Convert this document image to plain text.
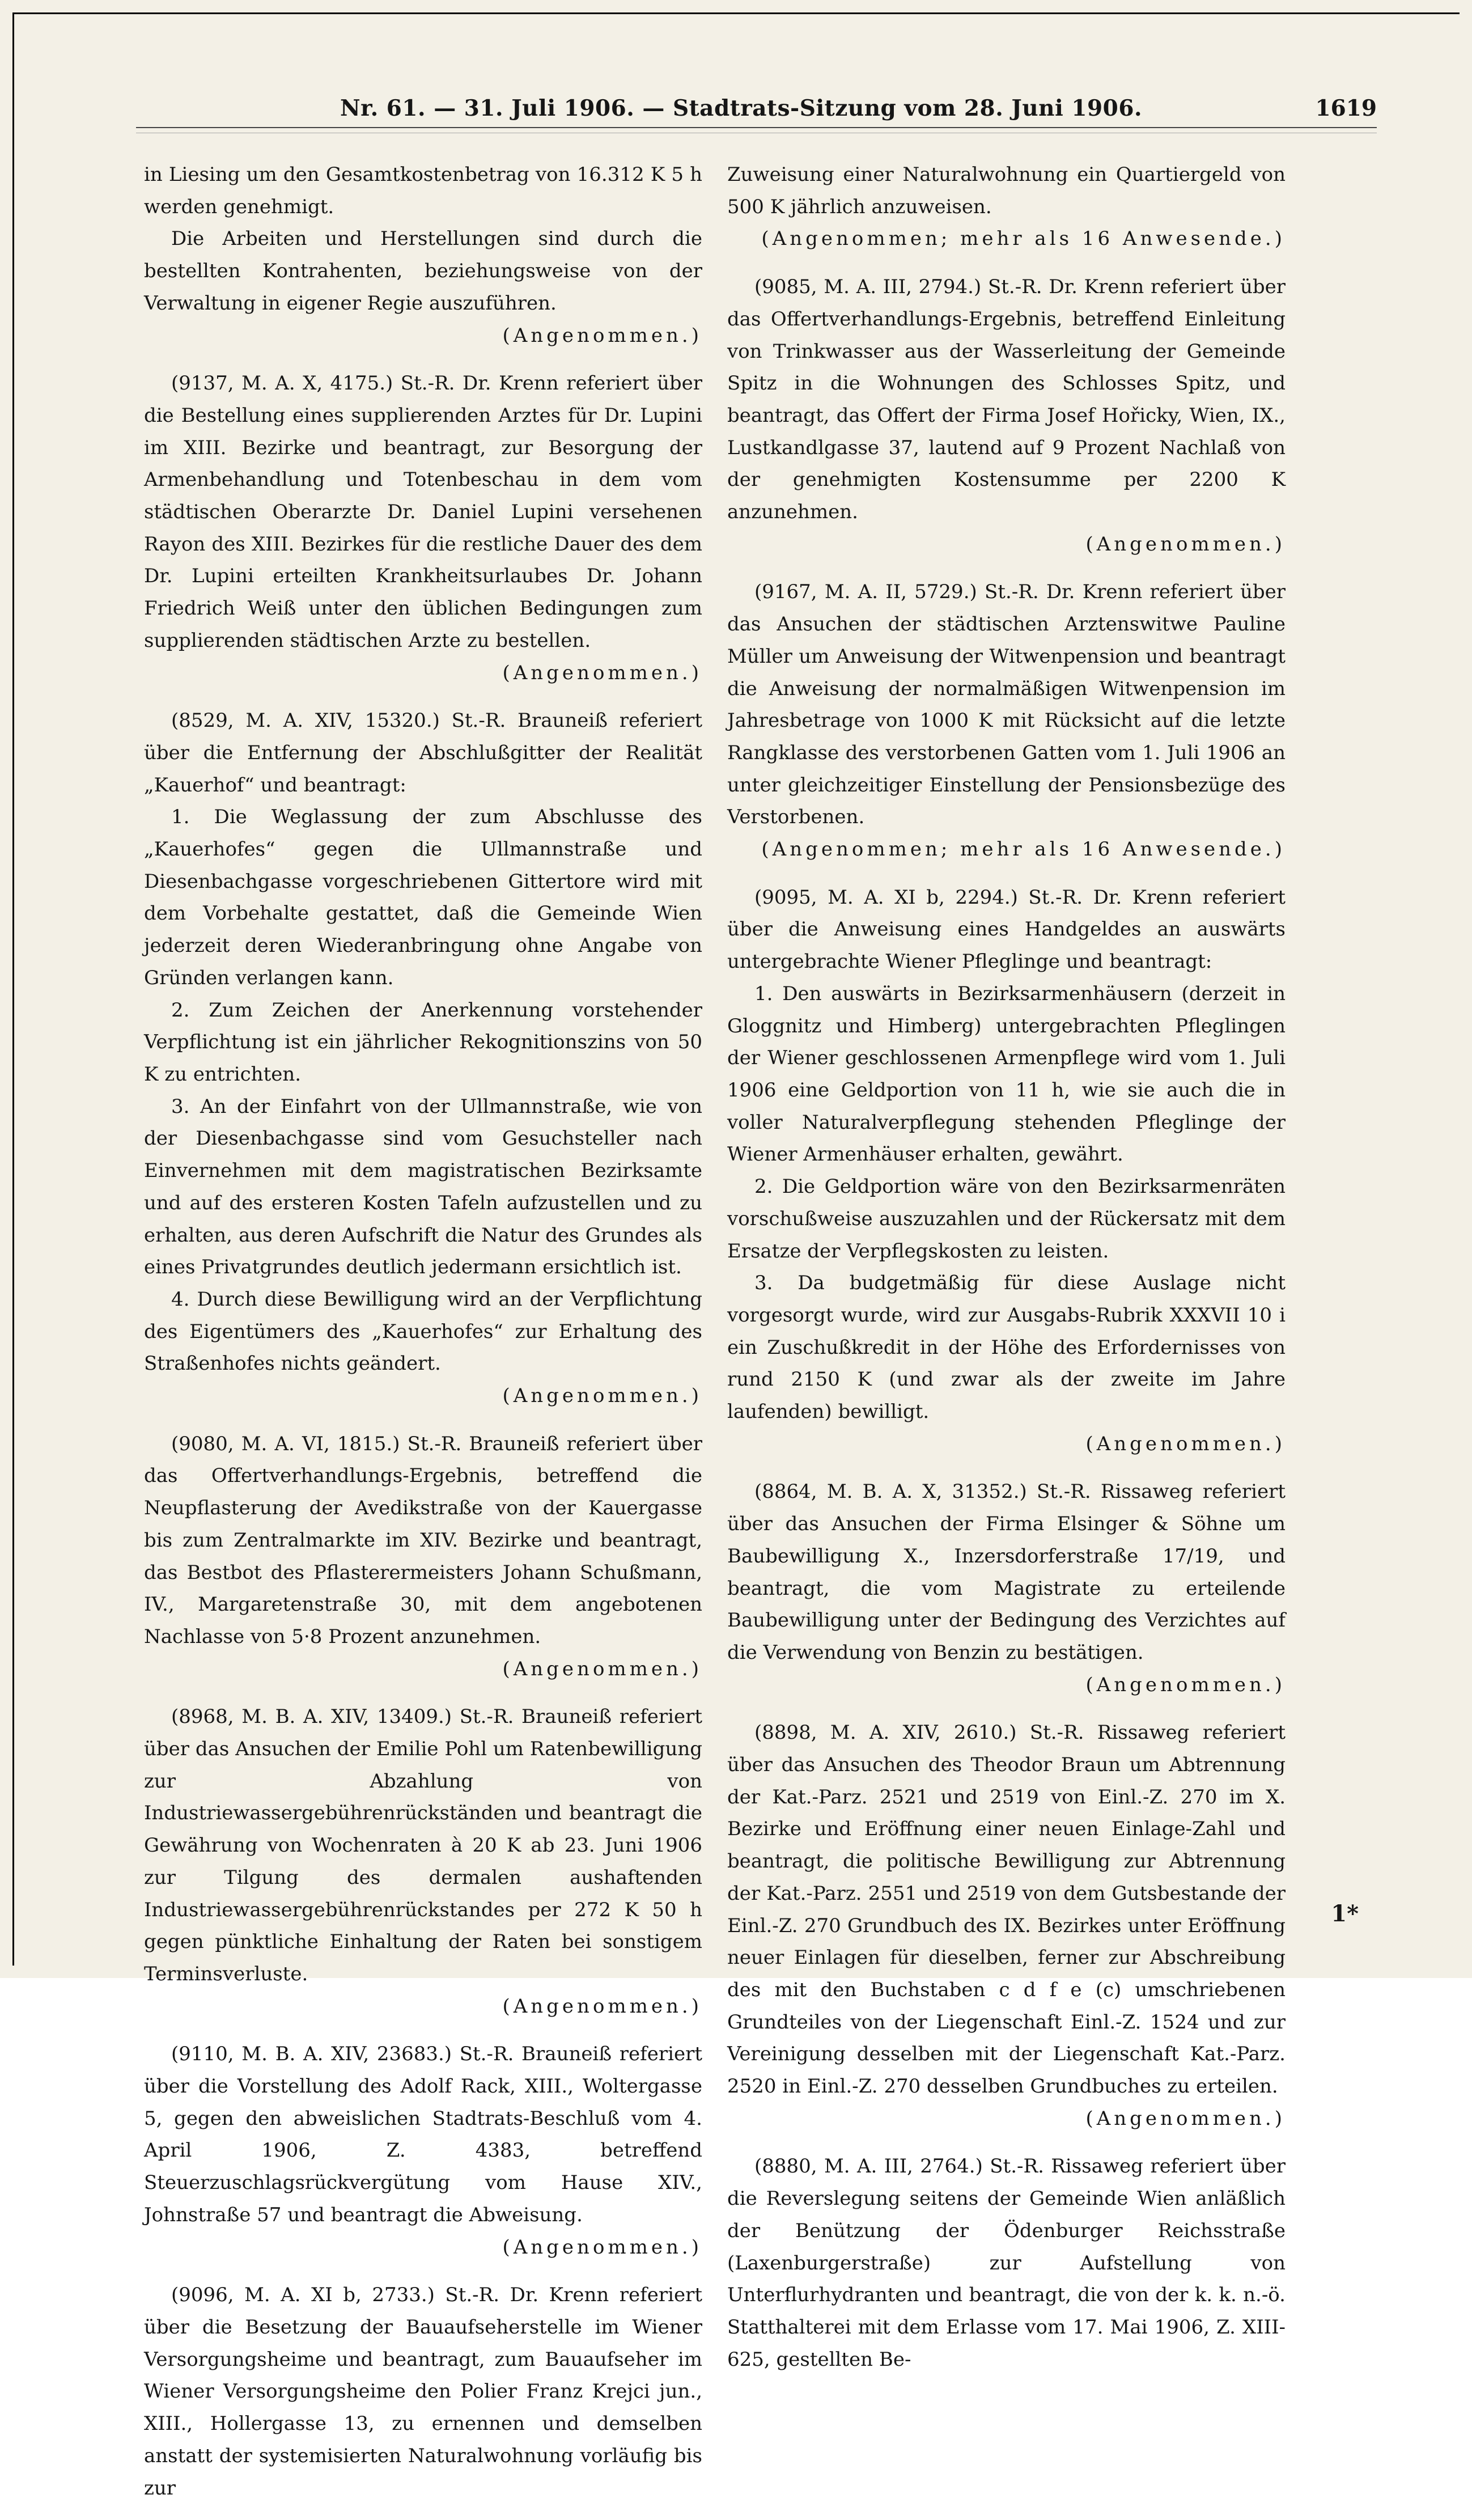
Nr. 61. — 31. Juli 1906. — Stadtrats-Sitzung vom 28. Juni 1906.	1619

in Liesing um den Gesamtkostenbetrag von 16.312 K 5 h werden genehmigt.

Die Arbeiten und Herstellungen sind durch die bestellten Kontrahenten, beziehungsweise von der Verwaltung in eigener Regie auszuführen.

(Angenommen.)

(9137, M. A. X, 4175.) St.-R. Dr. Krenn referiert über die Bestellung eines supplierenden Arztes für Dr. Lupini im XIII. Bezirke und beantragt, zur Besorgung der Armenbehandlung und Totenbeschau in dem vom städtischen Oberarzte Dr. Daniel Lupini versehenen Rayon des XIII. Bezirkes für die restliche Dauer des dem Dr. Lupini erteilten Krankheitsurlaubes Dr. Johann Friedrich Weiß unter den üblichen Bedingungen zum supplierenden städtischen Arzte zu bestellen.

(Angenommen.)

(8529, M. A. XIV, 15320.) St.-R. Brauneiß referiert über die Entfernung der Abschlußgitter der Realität „Kauerhof“ und beantragt:

1. Die Weglassung der zum Abschlusse des „Kauerhofes“ gegen die Ullmannstraße und Diesenbachgasse vorgeschriebenen Gittertore wird mit dem Vorbehalte gestattet, daß die Gemeinde Wien jederzeit deren Wiederanbringung ohne Angabe von Gründen verlangen kann.

2. Zum Zeichen der Anerkennung vorstehender Verpflichtung ist ein jährlicher Rekognitionszins von 50 K zu entrichten.

3. An der Einfahrt von der Ullmannstraße, wie von der Diesenbachgasse sind vom Gesuchsteller nach Einvernehmen mit dem magistratischen Bezirksamte und auf des ersteren Kosten Tafeln aufzustellen und zu erhalten, aus deren Aufschrift die Natur des Grundes als eines Privatgrundes deutlich jedermann ersichtlich ist.

4. Durch diese Bewilligung wird an der Verpflichtung des Eigentümers des „Kauerhofes“ zur Erhaltung des Straßenhofes nichts geändert.

(Angenommen.)

(9080, M. A. VI, 1815.) St.-R. Brauneiß referiert über das Offertverhandlungs-Ergebnis, betreffend die Neupflasterung der Avedikstraße von der Kauergasse bis zum Zentralmarkte im XIV. Bezirke und beantragt, das Bestbot des Pflasterermeisters Johann Schußmann, IV., Margaretenstraße 30, mit dem angebotenen Nachlasse von 5·8 Prozent anzunehmen.

(Angenommen.)

(8968, M. B. A. XIV, 13409.) St.-R. Brauneiß referiert über das Ansuchen der Emilie Pohl um Ratenbewilligung zur Abzahlung von Industriewassergebührenrückständen und beantragt die Gewährung von Wochenraten à 20 K ab 23. Juni 1906 zur Tilgung des dermalen aushaftenden Industriewassergebührenrückstandes per 272 K 50 h gegen pünktliche Einhaltung der Raten bei sonstigem Terminsverluste.

(Angenommen.)

(9110, M. B. A. XIV, 23683.) St.-R. Brauneiß referiert über die Vorstellung des Adolf Rack, XIII., Woltergasse 5, gegen den abweislichen Stadtrats-Beschluß vom 4. April 1906, Z. 4383, betreffend Steuerzuschlagsrückvergütung vom Hause XIV., Johnstraße 57 und beantragt die Abweisung.

(Angenommen.)

(9096, M. A. XI b, 2733.) St.-R. Dr. Krenn referiert über die Besetzung der Bauaufseherstelle im Wiener Versorgungsheime und beantragt, zum Bauaufseher im Wiener Versorgungsheime den Polier Franz Krejci jun., XIII., Hollergasse 13, zu ernennen und demselben anstatt der systemisierten Naturalwohnung vorläufig bis zur

Zuweisung einer Naturalwohnung ein Quartiergeld von 500 K jährlich anzuweisen.

(Angenommen; mehr als 16 Anwesende.)

(9085, M. A. III, 2794.) St.-R. Dr. Krenn referiert über das Offertverhandlungs-Ergebnis, betreffend Einleitung von Trinkwasser aus der Wasserleitung der Gemeinde Spitz in die Wohnungen des Schlosses Spitz, und beantragt, das Offert der Firma Josef Hořicky, Wien, IX., Lustkandlgasse 37, lautend auf 9 Prozent Nachlaß von der genehmigten Kostensumme per 2200 K anzunehmen.

(Angenommen.)

(9167, M. A. II, 5729.) St.-R. Dr. Krenn referiert über das Ansuchen der städtischen Arztenswitwe Pauline Müller um Anweisung der Witwenpension und beantragt die Anweisung der normalmäßigen Witwenpension im Jahresbetrage von 1000 K mit Rücksicht auf die letzte Rangklasse des verstorbenen Gatten vom 1. Juli 1906 an unter gleichzeitiger Einstellung der Pensionsbezüge des Verstorbenen.

(Angenommen; mehr als 16 Anwesende.)

(9095, M. A. XI b, 2294.) St.-R. Dr. Krenn referiert über die Anweisung eines Handgeldes an auswärts untergebrachte Wiener Pfleglinge und beantragt:

1. Den auswärts in Bezirksarmenhäusern (derzeit in Gloggnitz und Himberg) untergebrachten Pfleglingen der Wiener geschlossenen Armenpflege wird vom 1. Juli 1906 eine Geldportion von 11 h, wie sie auch die in voller Naturalverpflegung stehenden Pfleglinge der Wiener Armenhäuser erhalten, gewährt.

2. Die Geldportion wäre von den Bezirksarmenräten vorschußweise auszuzahlen und der Rückersatz mit dem Ersatze der Verpflegskosten zu leisten.

3. Da budgetmäßig für diese Auslage nicht vorgesorgt wurde, wird zur Ausgabs-Rubrik XXXVII 10 i ein Zuschußkredit in der Höhe des Erfordernisses von rund 2150 K (und zwar als der zweite im Jahre laufenden) bewilligt.

(Angenommen.)

(8864, M. B. A. X, 31352.) St.-R. Rissaweg referiert über das Ansuchen der Firma Elsinger & Söhne um Baubewilligung X., Inzersdorferstraße 17/19, und beantragt, die vom Magistrate zu erteilende Baubewilligung unter der Bedingung des Verzichtes auf die Verwendung von Benzin zu bestätigen.

(Angenommen.)

(8898, M. A. XIV, 2610.) St.-R. Rissaweg referiert über das Ansuchen des Theodor Braun um Abtrennung der Kat.-Parz. 2521 und 2519 von Einl.-Z. 270 im X. Bezirke und Eröffnung einer neuen Einlage-Zahl und beantragt, die politische Bewilligung zur Abtrennung der Kat.-Parz. 2551 und 2519 von dem Gutsbestande der Einl.-Z. 270 Grundbuch des IX. Bezirkes unter Eröffnung neuer Einlagen für dieselben, ferner zur Abschreibung des mit den Buchstaben c d f e (c) umschriebenen Grundteiles von der Liegenschaft Einl.-Z. 1524 und zur Vereinigung desselben mit der Liegenschaft Kat.-Parz. 2520 in Einl.-Z. 270 desselben Grundbuches zu erteilen.

(Angenommen.)

(8880, M. A. III, 2764.) St.-R. Rissaweg referiert über die Reverslegung seitens der Gemeinde Wien anläßlich der Benützung der Ödenburger Reichsstraße (Laxenburgerstraße) zur Aufstellung von Unterflurhydranten und beantragt, die von der k. k. n.-ö. Statthalterei mit dem Erlasse vom 17. Mai 1906, Z. XIII-625, gestellten Be-

1*
